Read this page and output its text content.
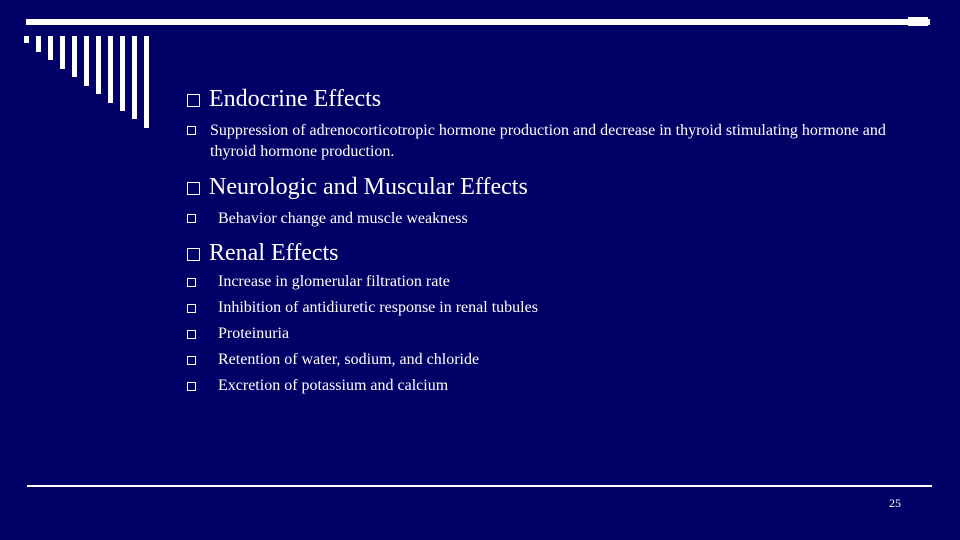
Endocrine Effects
Suppression of adrenocorticotropic hormone production and decrease in thyroid stimulating hormone and thyroid hormone production.
Neurologic and Muscular Effects
Behavior change and muscle weakness
Renal Effects
Increase in glomerular filtration rate
Inhibition of antidiuretic response in renal tubules
Proteinuria
Retention of water, sodium, and chloride
Excretion of potassium and calcium
25
